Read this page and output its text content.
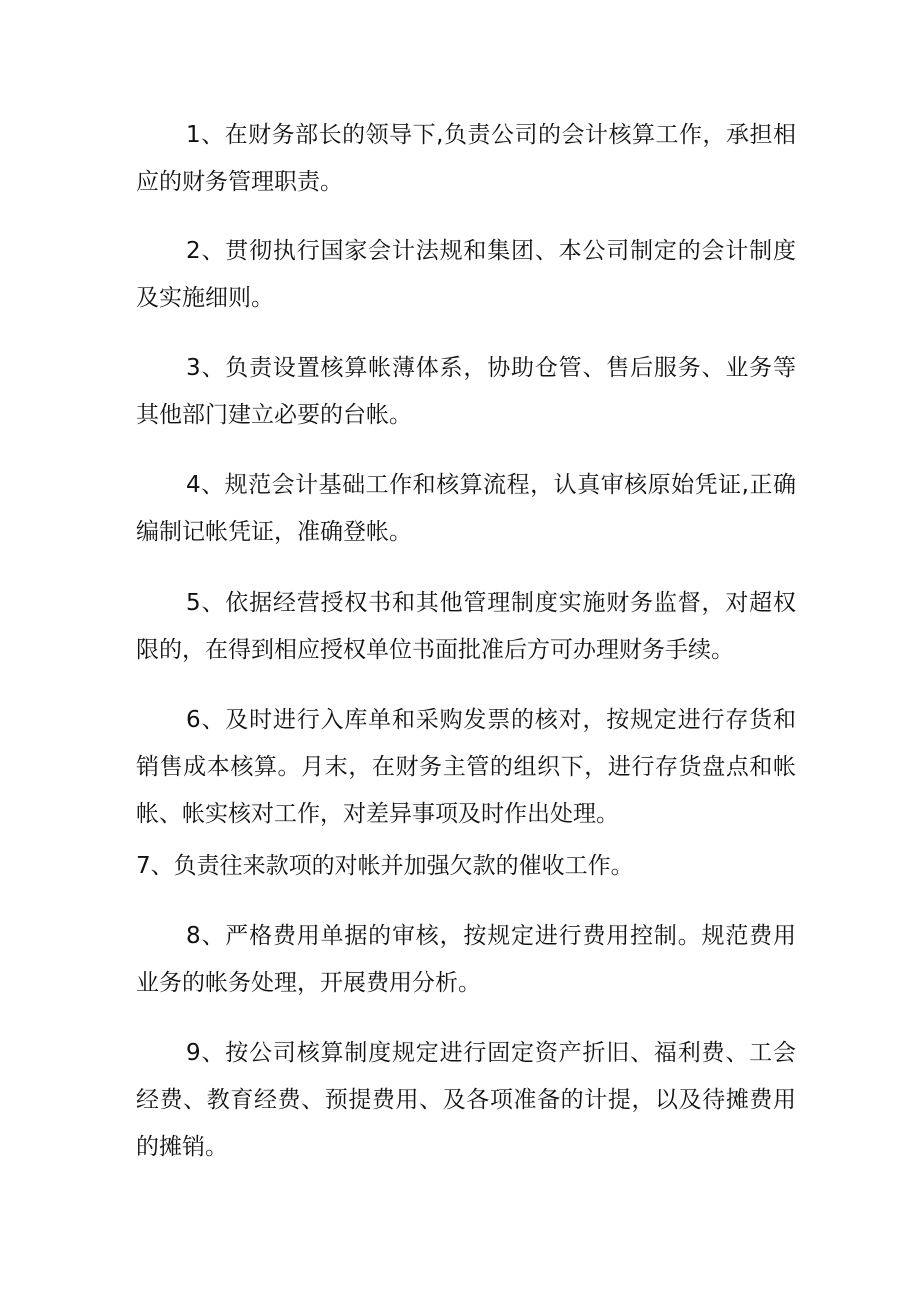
1、在财务部长的领导下,负责公司的会计核算工作，承担相应的财务管理职责。

2、贯彻执行国家会计法规和集团、本公司制定的会计制度及实施细则。

3、负责设置核算帐薄体系，协助仓管、售后服务、业务等其他部门建立必要的台帐。

4、规范会计基础工作和核算流程，认真审核原始凭证,正确编制记帐凭证，准确登帐。

5、依据经营授权书和其他管理制度实施财务监督，对超权限的，在得到相应授权单位书面批准后方可办理财务手续。

6、及时进行入库单和采购发票的核对，按规定进行存货和销售成本核算。月末，在财务主管的组织下，进行存货盘点和帐帐、帐实核对工作，对差异事项及时作出处理。

7、负责往来款项的对帐并加强欠款的催收工作。

8、严格费用单据的审核，按规定进行费用控制。规范费用业务的帐务处理，开展费用分析。

9、按公司核算制度规定进行固定资产折旧、福利费、工会经费、教育经费、预提费用、及各项准备的计提，以及待摊费用的摊销。
